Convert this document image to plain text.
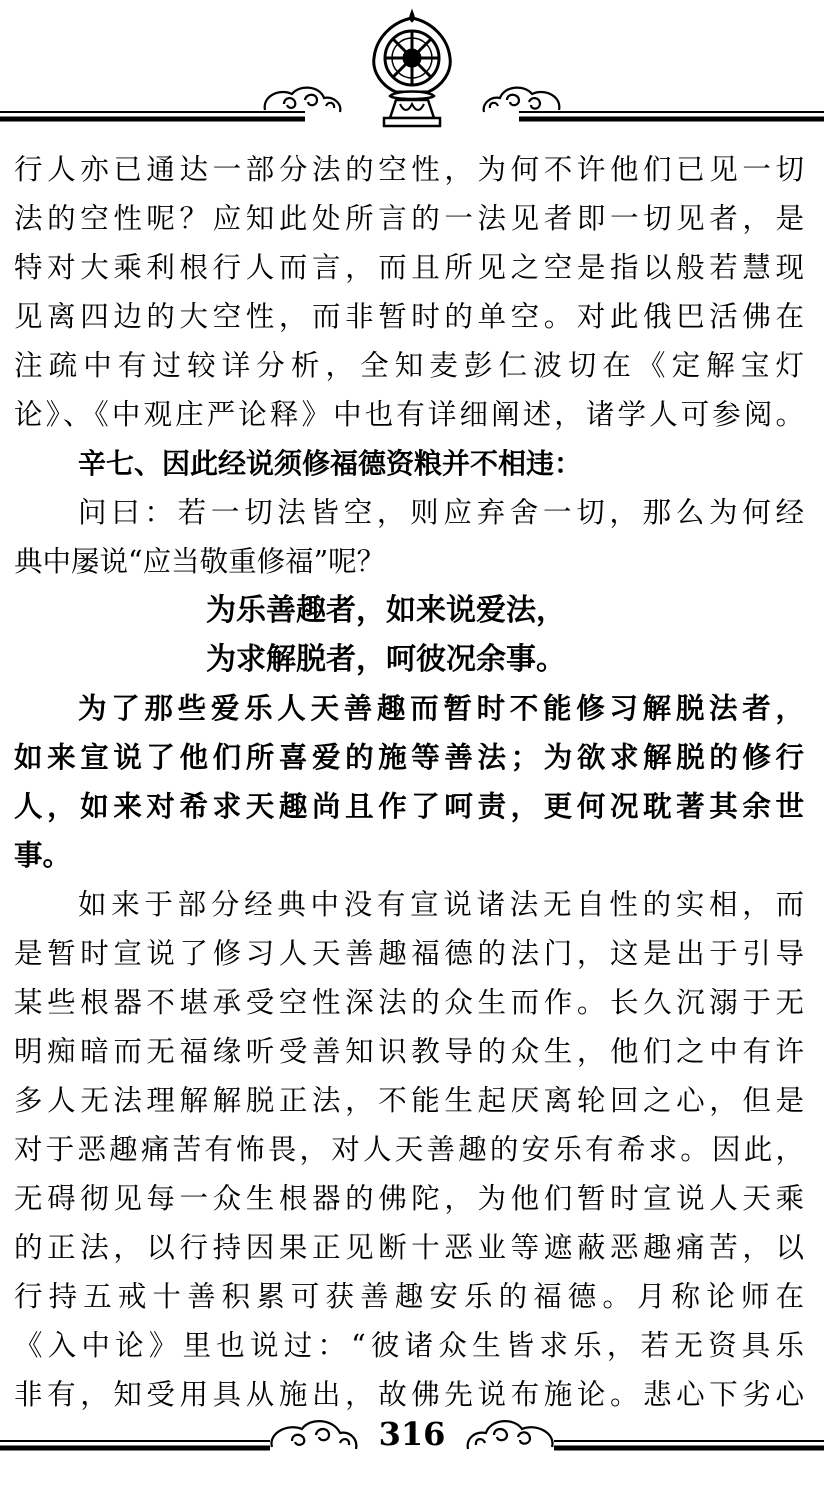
行人亦已通达一部分法的空性，为何不许他们已见一切
法的空性呢？应知此处所言的一法见者即一切见者，是
特对大乘利根行人而言，而且所见之空是指以般若慧现
见离四边的大空性，而非暂时的单空。对此俄巴活佛在
注疏中有过较详分析，全知麦彭仁波切在《定解宝灯
论》、《中观庄严论释》中也有详细阐述，诸学人可参阅。
辛七、因此经说须修福德资粮并不相违：
问曰：若一切法皆空，则应弃舍一切，那么为何经
典中屡说“应当敬重修福”呢？
为乐善趣者，如来说爱法，
为求解脱者，呵彼况余事。
为了那些爱乐人天善趣而暂时不能修习解脱法者，
如来宣说了他们所喜爱的施等善法；为欲求解脱的修行
人，如来对希求天趣尚且作了呵责，更何况耽著其余世
事。
如来于部分经典中没有宣说诸法无自性的实相，而
是暂时宣说了修习人天善趣福德的法门，这是出于引导
某些根器不堪承受空性深法的众生而作。长久沉溺于无
明痴暗而无福缘听受善知识教导的众生，他们之中有许
多人无法理解解脱正法，不能生起厌离轮回之心，但是
对于恶趣痛苦有怖畏，对人天善趣的安乐有希求。因此，
无碍彻见每一众生根器的佛陀，为他们暂时宣说人天乘
的正法，以行持因果正见断十恶业等遮蔽恶趣痛苦，以
行持五戒十善积累可获善趣安乐的福德。月称论师在
《入中论》里也说过：“彼诸众生皆求乐，若无资具乐
非有，知受用具从施出，故佛先说布施论。悲心下劣心
316
